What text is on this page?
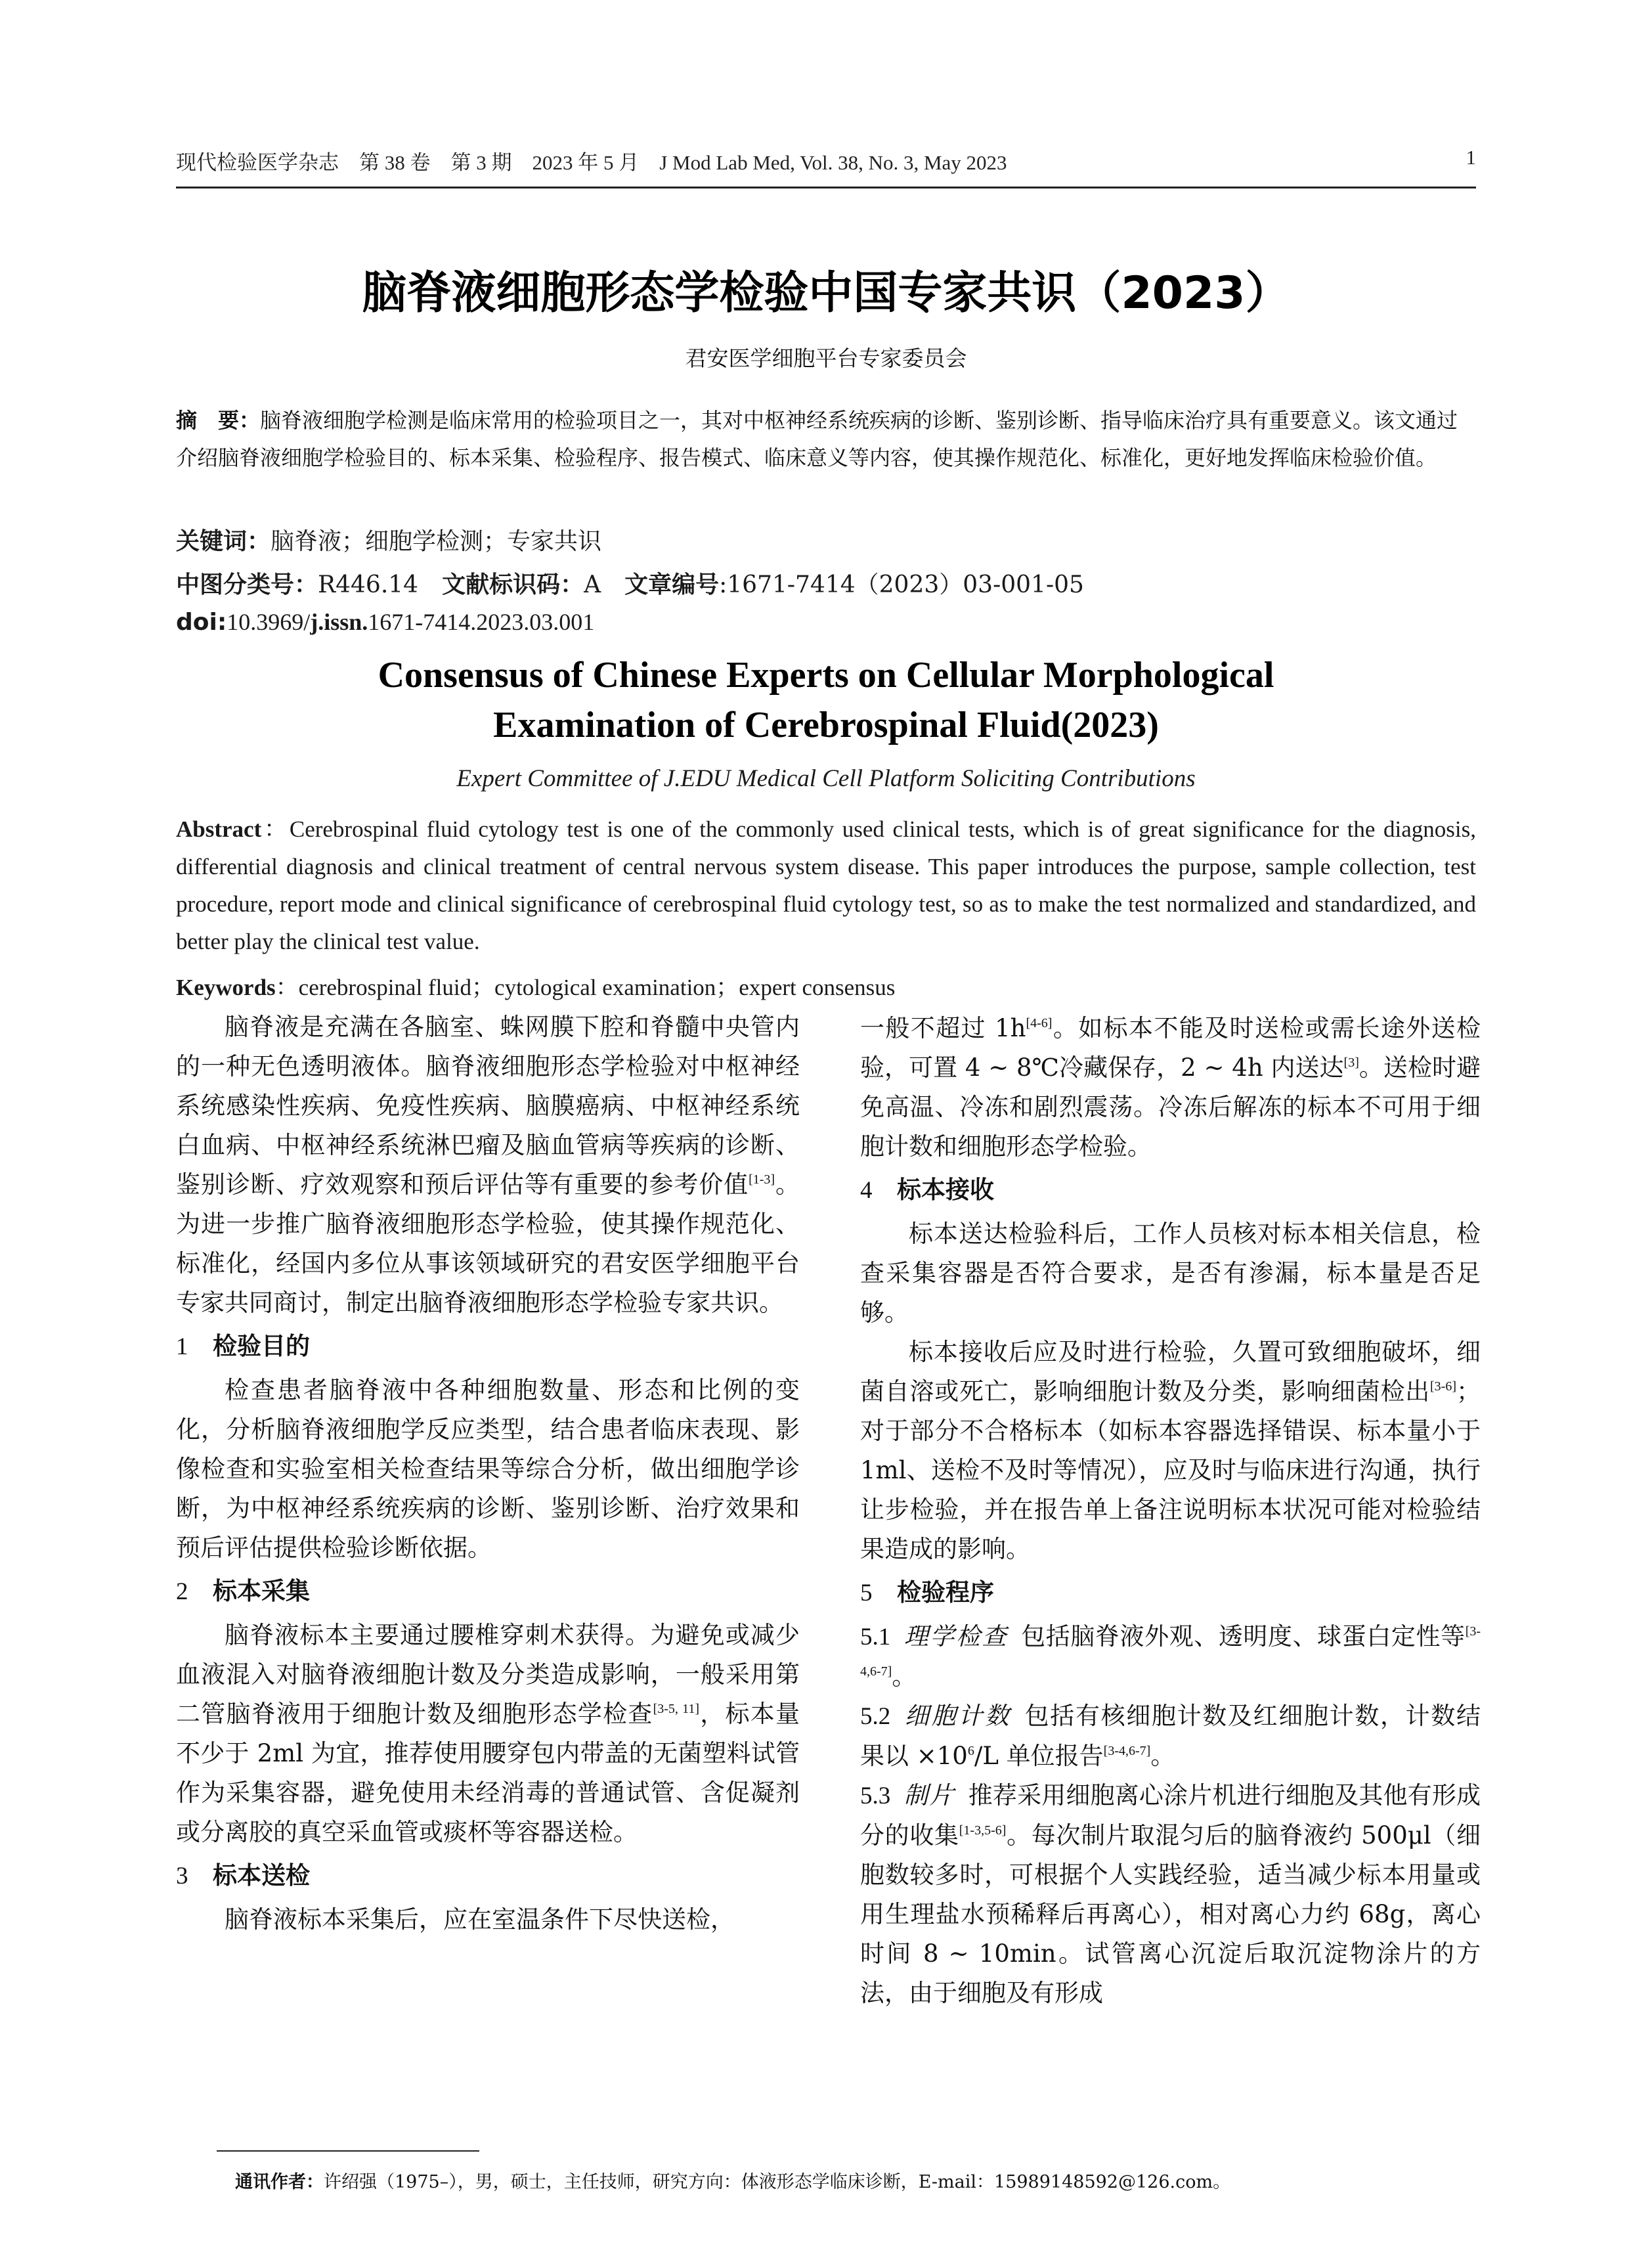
现代检验医学杂志　第 38 卷　第 3 期　2023 年 5 月　J Mod Lab Med, Vol. 38, No. 3, May 2023	1
脑脊液细胞形态学检验中国专家共识（2023）
君安医学细胞平台专家委员会
摘　要：脑脊液细胞学检测是临床常用的检验项目之一，其对中枢神经系统疾病的诊断、鉴别诊断、指导临床治疗具有重要意义。该文通过介绍脑脊液细胞学检验目的、标本采集、检验程序、报告模式、临床意义等内容，使其操作规范化、标准化，更好地发挥临床检验价值。
关键词：脑脊液；细胞学检测；专家共识
中图分类号：R446.14 文献标识码：A 文章编号:1671-7414（2023）03-001-05
doi:10.3969/j.issn.1671-7414.2023.03.001
Consensus of Chinese Experts on Cellular Morphological
Examination of Cerebrospinal Fluid(2023)
Expert Committee of J.EDU Medical Cell Platform Soliciting Contributions
Abstract：Cerebrospinal fluid cytology test is one of the commonly used clinical tests, which is of great significance for the diagnosis, differential diagnosis and clinical treatment of central nervous system disease. This paper introduces the purpose, sample collection, test procedure, report mode and clinical significance of cerebrospinal fluid cytology test, so as to make the test normalized and standardized, and better play the clinical test value.
Keywords：cerebrospinal fluid；cytological examination；expert consensus

脑脊液是充满在各脑室、蛛网膜下腔和脊髓中央管内的一种无色透明液体。脑脊液细胞形态学检验对中枢神经系统感染性疾病、免疫性疾病、脑膜癌病、中枢神经系统白血病、中枢神经系统淋巴瘤及脑血管病等疾病的诊断、鉴别诊断、疗效观察和预后评估等有重要的参考价值[1-3]。为进一步推广脑脊液细胞形态学检验，使其操作规范化、标准化，经国内多位从事该领域研究的君安医学细胞平台专家共同商讨，制定出脑脊液细胞形态学检验专家共识。

1 检验目的

检查患者脑脊液中各种细胞数量、形态和比例的变化，分析脑脊液细胞学反应类型，结合患者临床表现、影像检查和实验室相关检查结果等综合分析，做出细胞学诊断，为中枢神经系统疾病的诊断、鉴别诊断、治疗效果和预后评估提供检验诊断依据。

2 标本采集

脑脊液标本主要通过腰椎穿刺术获得。为避免或减少血液混入对脑脊液细胞计数及分类造成影响，一般采用第二管脑脊液用于细胞计数及细胞形态学检查[3-5, 11]，标本量不少于 2ml 为宜，推荐使用腰穿包内带盖的无菌塑料试管作为采集容器，避免使用未经消毒的普通试管、含促凝剂或分离胶的真空采血管或痰杯等容器送检。

3 标本送检

脑脊液标本采集后，应在室温条件下尽快送检，

一般不超过 1h[4-6]。如标本不能及时送检或需长途外送检验，可置 4 ~ 8℃冷藏保存，2 ~ 4h 内送达[3]。送检时避免高温、冷冻和剧烈震荡。冷冻后解冻的标本不可用于细胞计数和细胞形态学检验。

4 标本接收

标本送达检验科后，工作人员核对标本相关信息，检查采集容器是否符合要求，是否有渗漏，标本量是否足够。

标本接收后应及时进行检验，久置可致细胞破坏，细菌自溶或死亡，影响细胞计数及分类，影响细菌检出[3-6]；对于部分不合格标本（如标本容器选择错误、标本量小于 1ml、送检不及时等情况），应及时与临床进行沟通，执行让步检验，并在报告单上备注说明标本状况可能对检验结果造成的影响。

5 检验程序

5.1 理学检查 包括脑脊液外观、透明度、球蛋白定性等[3-4,6-7]。

5.2 细胞计数 包括有核细胞计数及红细胞计数，计数结果以 $\times 10^6/L$ 单位报告[3-4,6-7]。

5.3 制片 推荐采用细胞离心涂片机进行细胞及其他有形成分的收集[1-3,5-6]。每次制片取混匀后的脑脊液约 500μl（细胞数较多时，可根据个人实践经验，适当减少标本用量或用生理盐水预稀释后再离心），相对离心力约 68g，离心时间 8 ~ 10min。试管离心沉淀后取沉淀物涂片的方法，由于细胞及有形成

通讯作者：许绍强（1975–），男，硕士，主任技师，研究方向：体液形态学临床诊断，E-mail：15989148592@126.com。
